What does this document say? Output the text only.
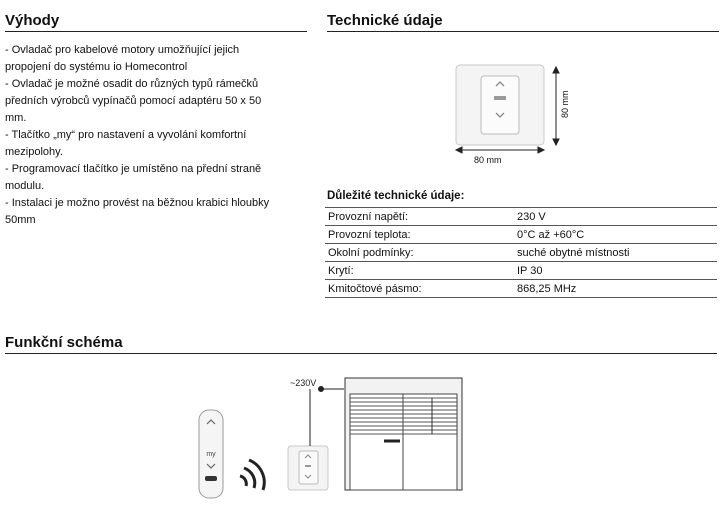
Výhody
- Ovladač pro kabelové motory umožňující jejich propojení do systému io Homecontrol
- Ovladač je možné osadit do různých typů rámečků předních výrobců vypínačů pomocí adaptéru 50 x 50 mm.
- Tlačítko „my“ pro nastavení a vyvolání komfortní mezipolohy.
- Programovací tlačítko je umístěno na přední straně modulu.
- Instalaci je možno provést na běžnou krabici hloubky 50mm
Technické údaje
my
~230V
80 mm
80 mm
Důležité technické údaje:
Provozní napětí:	230 V
Provozní teplota:	0°C až +60°C
Okolní podmínky:	suché obytné místnosti
Krytí:	IP 30
Kmitočtové pásmo:	868,25 MHz
Funkční schéma
